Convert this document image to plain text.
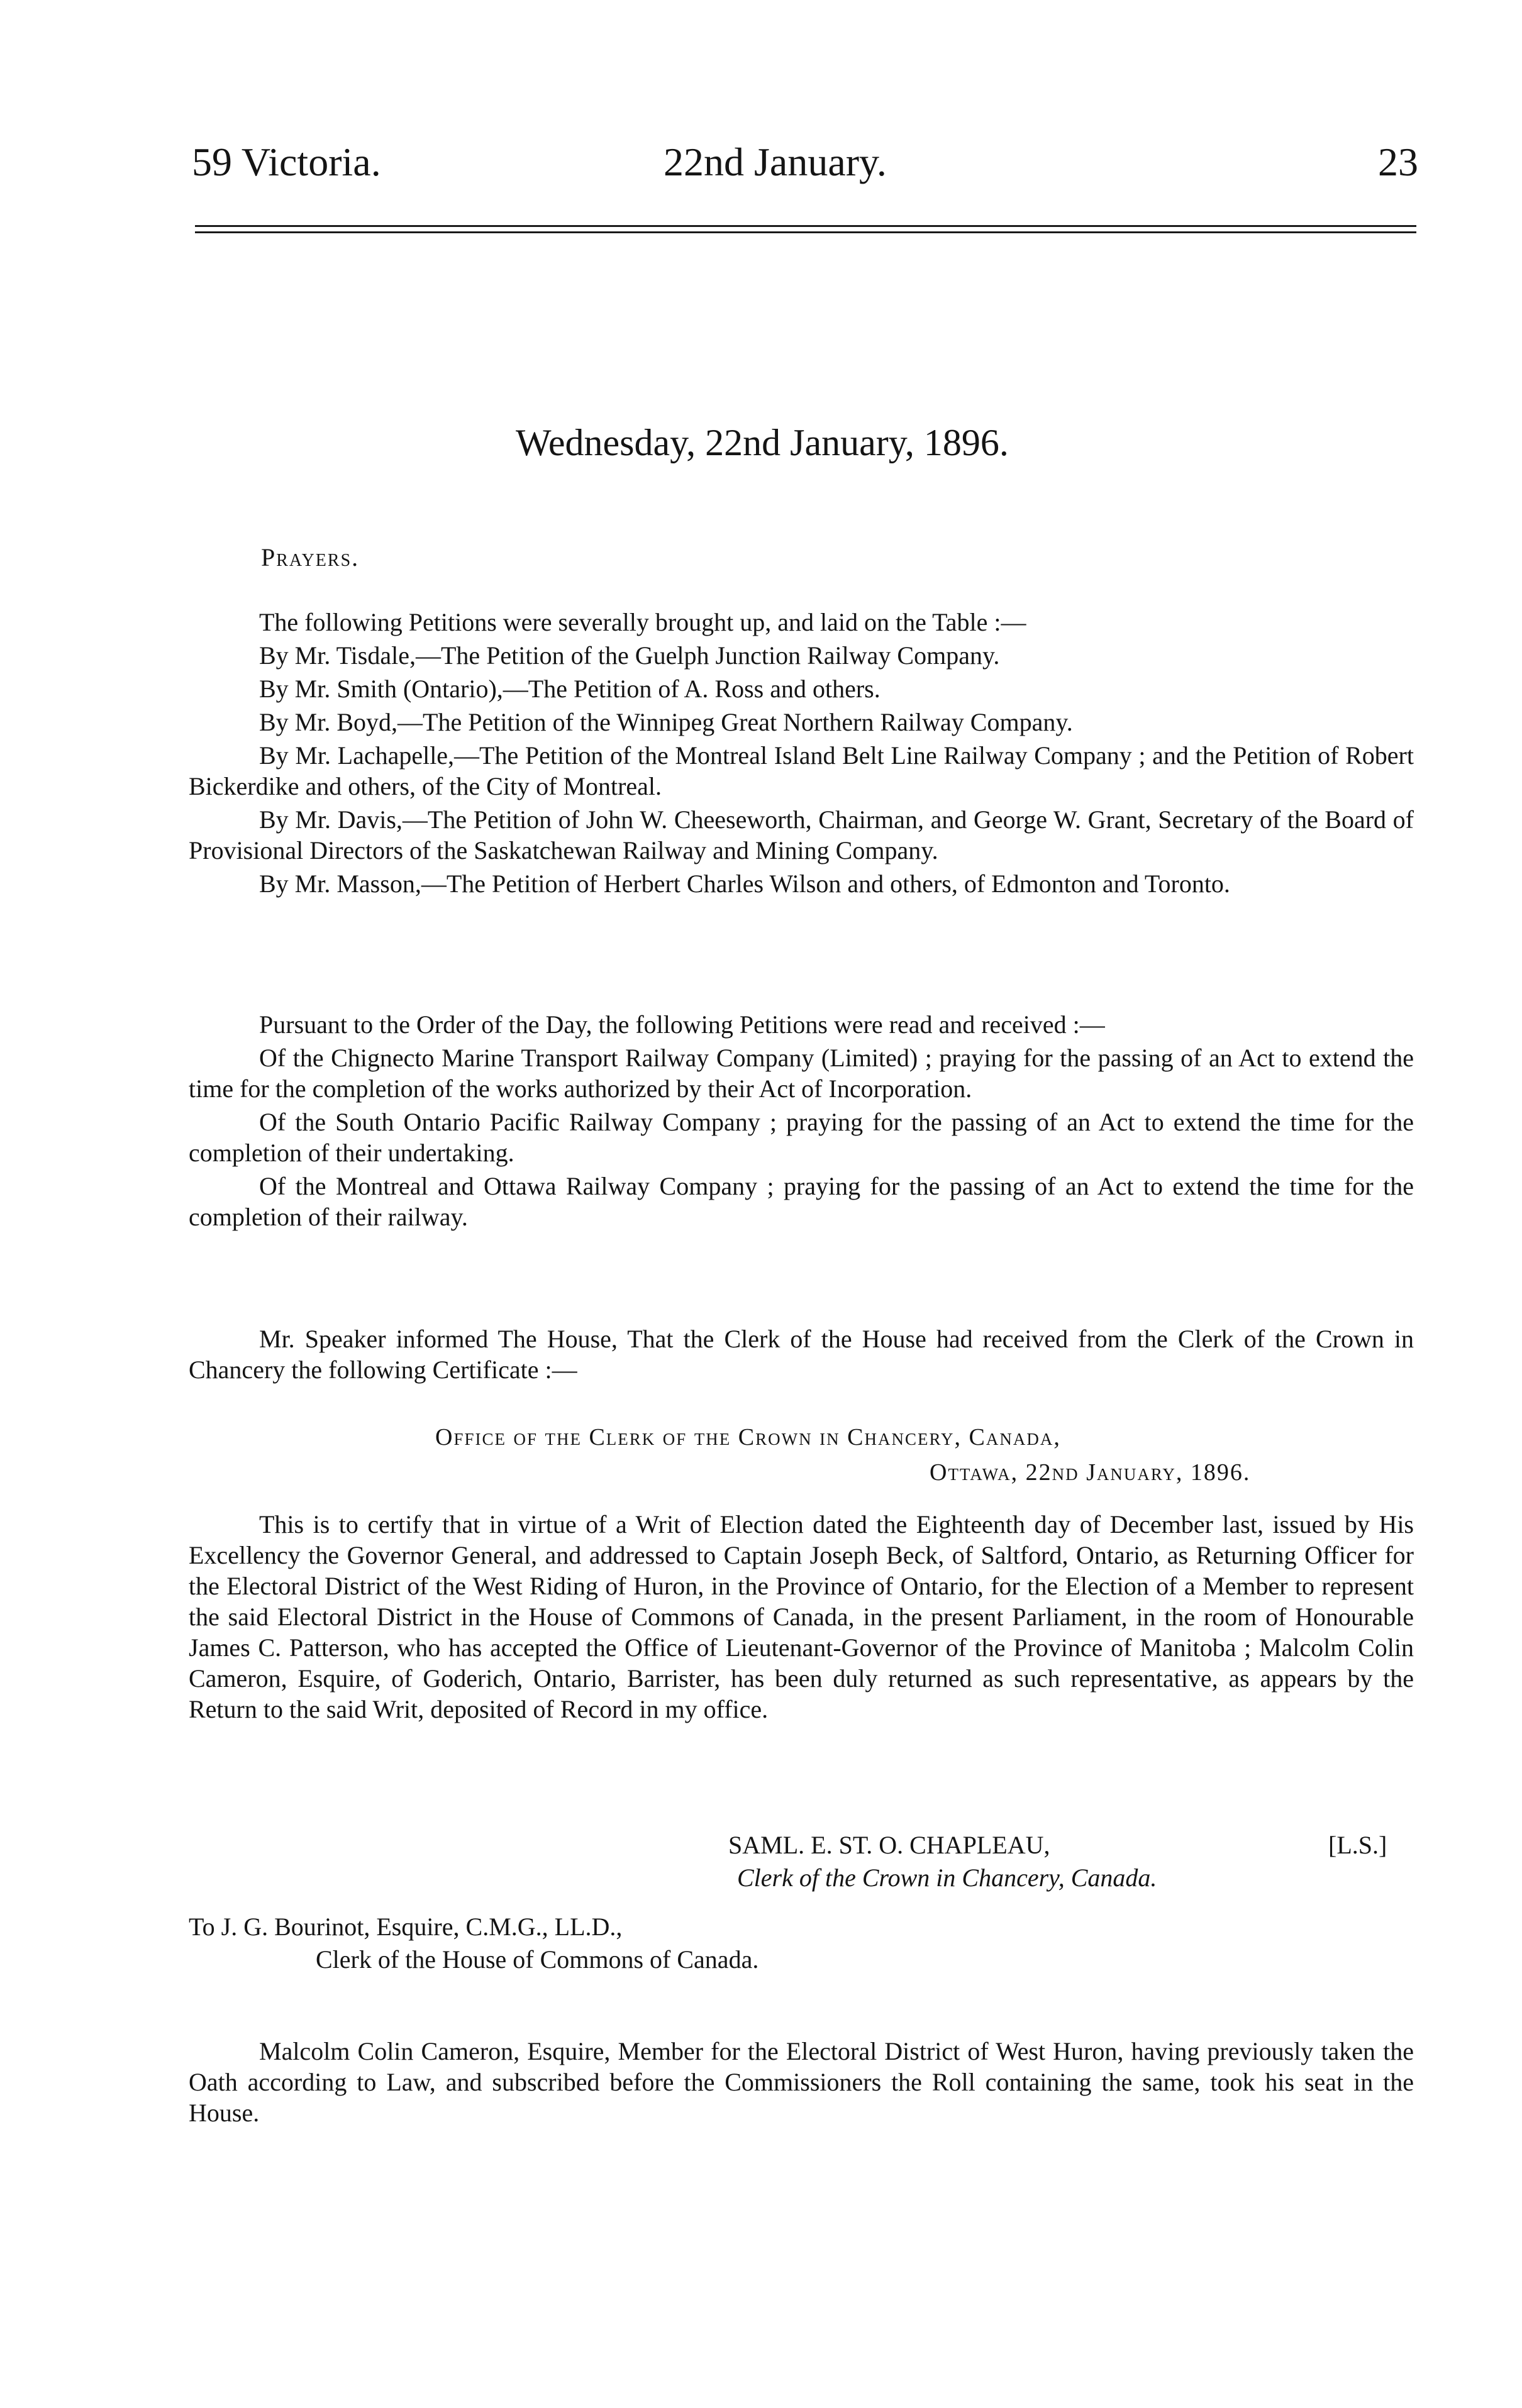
59 Victoria.	22nd January.	23
Wednesday, 22nd January, 1896.
Prayers.

The following Petitions were severally brought up, and laid on the Table :—

By Mr. Tisdale,—The Petition of the Guelph Junction Railway Company.

By Mr. Smith (Ontario),—The Petition of A. Ross and others.

By Mr. Boyd,—The Petition of the Winnipeg Great Northern Railway Company.

By Mr. Lachapelle,—The Petition of the Montreal Island Belt Line Railway Company ; and the Petition of Robert Bickerdike and others, of the City of Montreal.

By Mr. Davis,—The Petition of John W. Cheeseworth, Chairman, and George W. Grant, Secretary of the Board of Provisional Directors of the Saskatchewan Railway and Mining Company.

By Mr. Masson,—The Petition of Herbert Charles Wilson and others, of Edmonton and Toronto.

Pursuant to the Order of the Day, the following Petitions were read and received :—

Of the Chignecto Marine Transport Railway Company (Limited) ; praying for the passing of an Act to extend the time for the completion of the works authorized by their Act of Incorporation.

Of the South Ontario Pacific Railway Company ; praying for the passing of an Act to extend the time for the completion of their undertaking.

Of the Montreal and Ottawa Railway Company ; praying for the passing of an Act to extend the time for the completion of their railway.

Mr. Speaker informed The House, That the Clerk of the House had received from the Clerk of the Crown in Chancery the following Certificate :—

Office of the Clerk of the Crown in Chancery, Canada,
Ottawa, 22nd January, 1896.

This is to certify that in virtue of a Writ of Election dated the Eighteenth day of December last, issued by His Excellency the Governor General, and addressed to Captain Joseph Beck, of Saltford, Ontario, as Returning Officer for the Electoral District of the West Riding of Huron, in the Province of Ontario, for the Election of a Member to represent the said Electoral District in the House of Commons of Canada, in the present Parliament, in the room of Honourable James C. Patterson, who has accepted the Office of Lieutenant-Governor of the Province of Manitoba ; Malcolm Colin Cameron, Esquire, of Goderich, Ontario, Barrister, has been duly returned as such representative, as appears by the Return to the said Writ, deposited of Record in my office.

SAML. E. ST. O. CHAPLEAU,	[L.S.]
Clerk of the Crown in Chancery, Canada.
To J. G. Bourinot, Esquire, C.M.G., LL.D.,
Clerk of the House of Commons of Canada.

Malcolm Colin Cameron, Esquire, Member for the Electoral District of West Huron, having previously taken the Oath according to Law, and subscribed before the Commissioners the Roll containing the same, took his seat in the House.
